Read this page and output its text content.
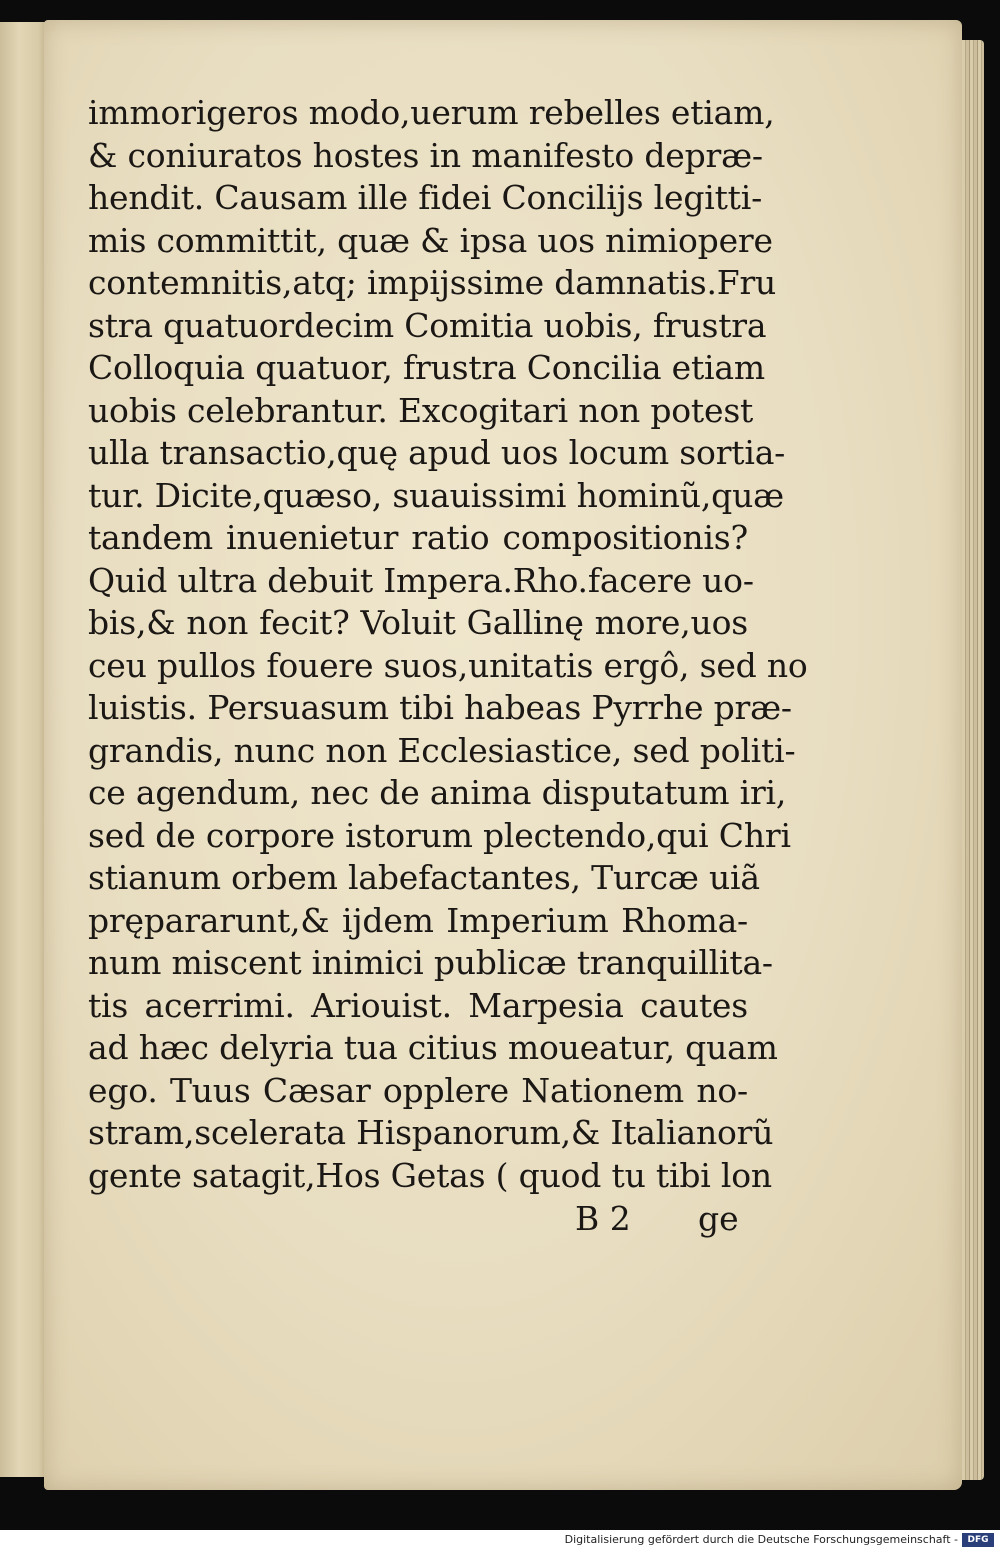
immorigeros modo,uerum rebelles etiam,
& coniuratos hostes in manifesto depræ-
hendit. Causam ille fidei Concilijs legitti-
mis committit, quæ & ipsa uos nimiopere
contemnitis,atq; impijssime damnatis.Fru
stra quatuordecim Comitia uobis, frustra
Colloquia quatuor, frustra Concilia etiam
uobis celebrantur. Excogitari non potest
ulla transactio,quę apud uos locum sortia-
tur. Dicite,quæso, suauissimi hominũ,quæ
tandem inuenietur ratio compositionis?
Quid ultra debuit Impera.Rho.facere uo-
bis,& non fecit? Voluit Gallinę more,uos
ceu pullos fouere suos,unitatis ergô, sed no
luistis. Persuasum tibi habeas Pyrrhe præ-
grandis, nunc non Ecclesiastice, sed politi-
ce agendum, nec de anima disputatum iri,
sed de corpore istorum plectendo,qui Chri
stianum orbem labefactantes, Turcæ uiã
prępararunt,& ijdem Imperium Rhoma-
num miscent inimici publicæ tranquillita-
tis acerrimi. Ariouist. Marpesia cautes
ad hæc delyria tua citius moueatur, quam
ego. Tuus Cæsar opplere Nationem no-
stram,scelerata Hispanorum,& Italianorũ
gente satagit,Hos Getas ( quod tu tibi lon
B 2 ge
Digitalisierung gefördert durch die Deutsche Forschungsgemeinschaft -	DFG
